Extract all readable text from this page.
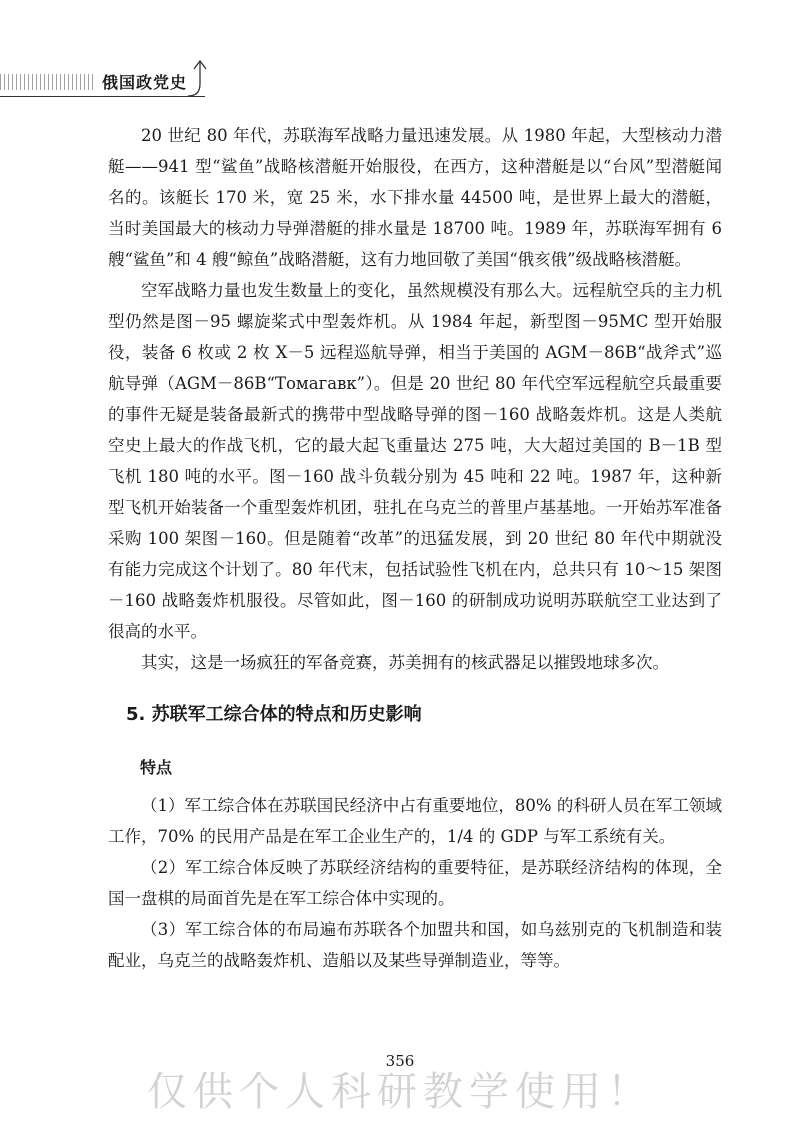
俄国政党史

20 世纪 80 年代，苏联海军战略力量迅速发展。从 1980 年起，大型核动力潜艇——941 型“鲨鱼”战略核潜艇开始服役，在西方，这种潜艇是以“台风”型潜艇闻名的。该艇长 170 米，宽 25 米，水下排水量 44500 吨，是世界上最大的潜艇，当时美国最大的核动力导弹潜艇的排水量是 18700 吨。1989 年，苏联海军拥有 6 艘“鲨鱼”和 4 艘“鲸鱼”战略潜艇，这有力地回敬了美国“俄亥俄”级战略核潜艇。

空军战略力量也发生数量上的变化，虽然规模没有那么大。远程航空兵的主力机型仍然是图－95 螺旋桨式中型轰炸机。从 1984 年起，新型图－95MC 型开始服役，装备 6 枚或 2 枚 X－5 远程巡航导弹，相当于美国的 AGM－86B“战斧式”巡航导弹（AGM－86B“Томагавк”）。但是 20 世纪 80 年代空军远程航空兵最重要的事件无疑是装备最新式的携带中型战略导弹的图－160 战略轰炸机。这是人类航空史上最大的作战飞机，它的最大起飞重量达 275 吨，大大超过美国的 B－1B 型飞机 180 吨的水平。图－160 战斗负载分别为 45 吨和 22 吨。1987 年，这种新型飞机开始装备一个重型轰炸机团，驻扎在乌克兰的普里卢基基地。一开始苏军准备采购 100 架图－160。但是随着“改革”的迅猛发展，到 20 世纪 80 年代中期就没有能力完成这个计划了。80 年代末，包括试验性飞机在内，总共只有 10～15 架图－160 战略轰炸机服役。尽管如此，图－160 的研制成功说明苏联航空工业达到了很高的水平。

其实，这是一场疯狂的军备竞赛，苏美拥有的核武器足以摧毁地球多次。

5. 苏联军工综合体的特点和历史影响
特点

（1）军工综合体在苏联国民经济中占有重要地位，80% 的科研人员在军工领域工作，70% 的民用产品是在军工企业生产的，1/4 的 GDP 与军工系统有关。

（2）军工综合体反映了苏联经济结构的重要特征，是苏联经济结构的体现，全国一盘棋的局面首先是在军工综合体中实现的。

（3）军工综合体的布局遍布苏联各个加盟共和国，如乌兹别克的飞机制造和装配业，乌克兰的战略轰炸机、造船以及某些导弹制造业，等等。

356
仅供个人科研教学使用！
